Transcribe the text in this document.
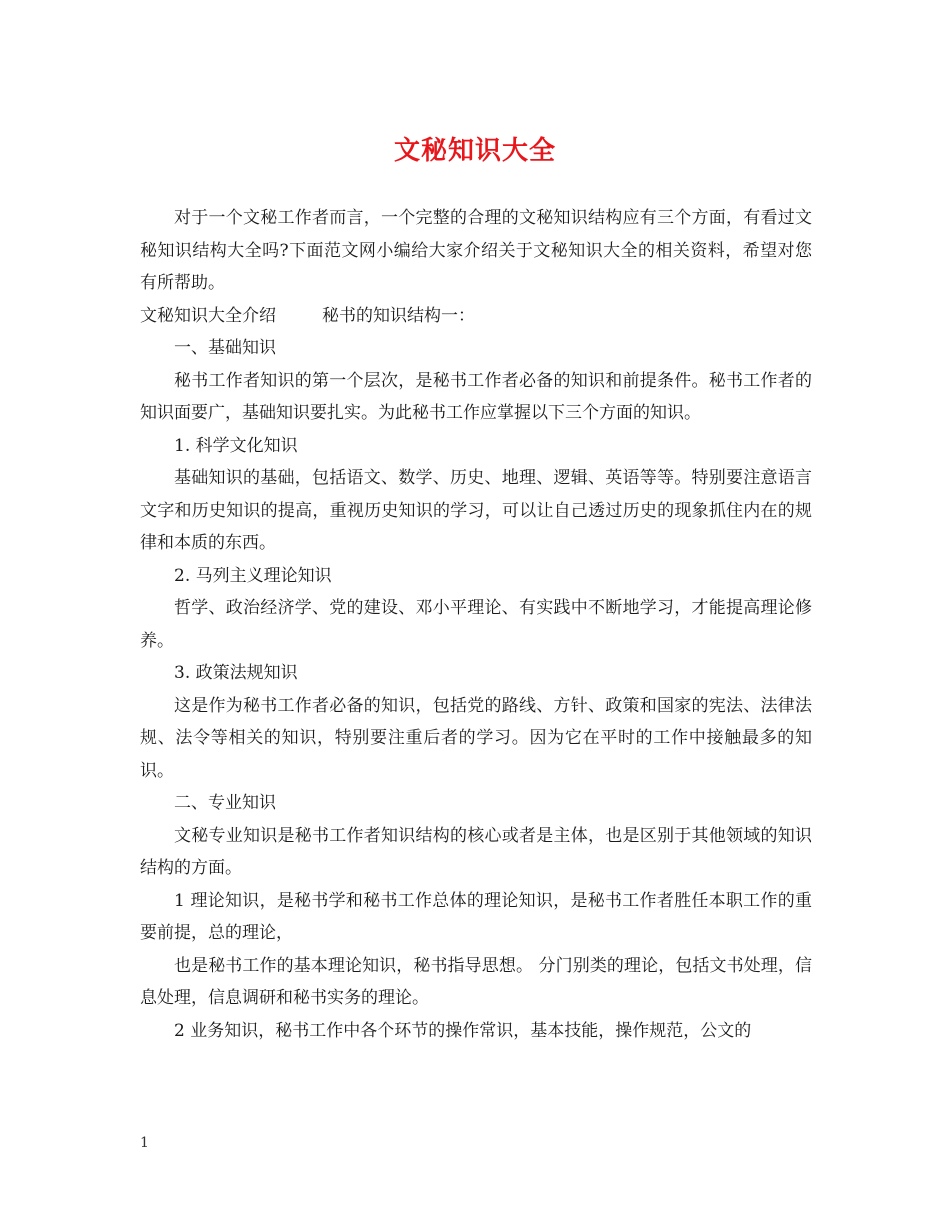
文秘知识大全

对于一个文秘工作者而言，一个完整的合理的文秘知识结构应有三个方面，有看过文秘知识结构大全吗?下面范文网小编给大家介绍关于文秘知识大全的相关资料，希望对您有所帮助。

文秘知识大全介绍	秘书的知识结构一：

一、基础知识

秘书工作者知识的第一个层次，是秘书工作者必备的知识和前提条件。秘书工作者的知识面要广，基础知识要扎实。为此秘书工作应掌握以下三个方面的知识。

1. 科学文化知识

基础知识的基础，包括语文、数学、历史、地理、逻辑、英语等等。特别要注意语言文字和历史知识的提高，重视历史知识的学习，可以让自己透过历史的现象抓住内在的规律和本质的东西。

2. 马列主义理论知识

哲学、政治经济学、党的建设、邓小平理论、有实践中不断地学习，才能提高理论修养。

3. 政策法规知识

这是作为秘书工作者必备的知识，包括党的路线、方针、政策和国家的宪法、法律法规、法令等相关的知识，特别要注重后者的学习。因为它在平时的工作中接触最多的知识。

二、专业知识

文秘专业知识是秘书工作者知识结构的核心或者是主体，也是区别于其他领域的知识结构的方面。

1 理论知识，是秘书学和秘书工作总体的理论知识，是秘书工作者胜任本职工作的重要前提，总的理论，

也是秘书工作的基本理论知识，秘书指导思想。 分门别类的理论，包括文书处理，信息处理，信息调研和秘书实务的理论。

2 业务知识，秘书工作中各个环节的操作常识，基本技能，操作规范，公文的

1
